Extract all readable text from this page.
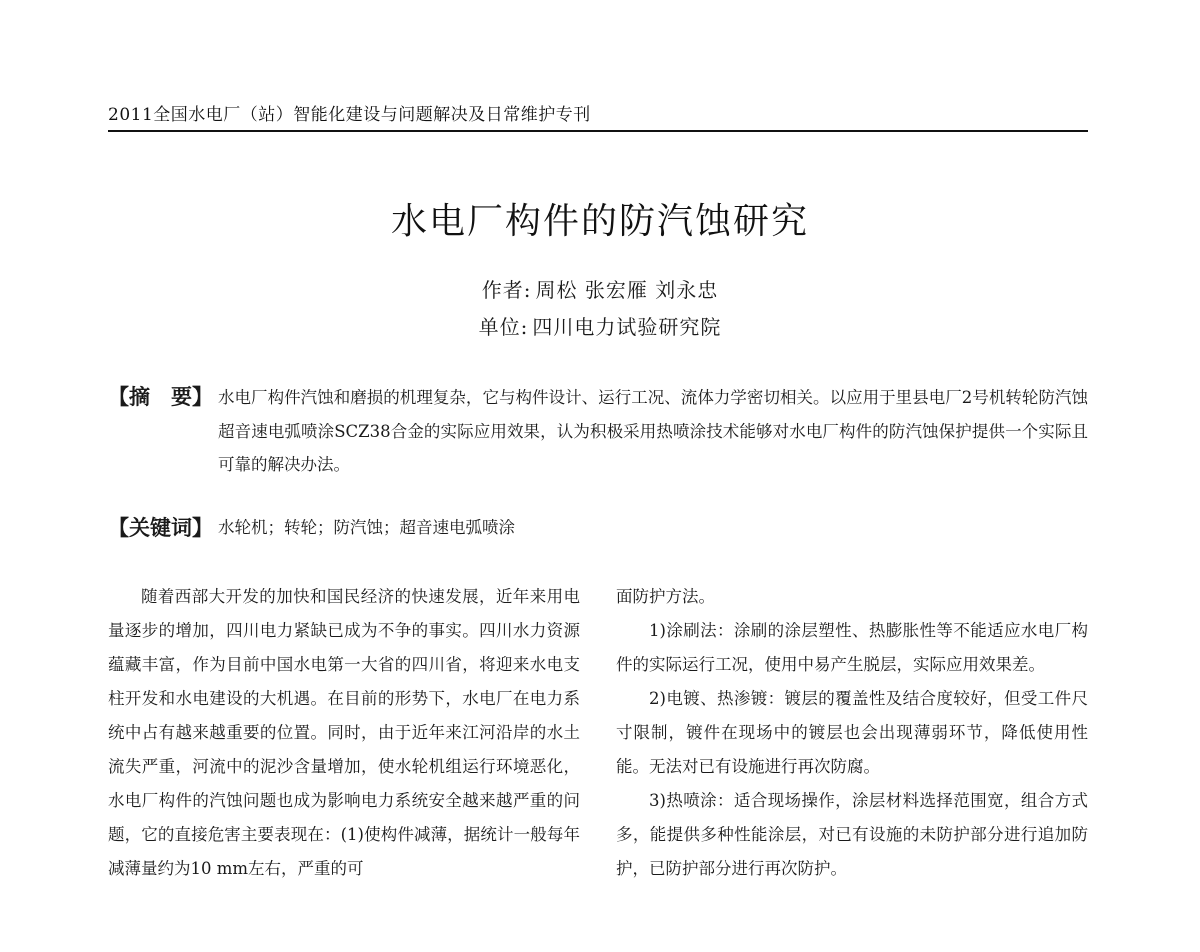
2011全国水电厂（站）智能化建设与问题解决及日常维护专刊
水电厂构件的防汽蚀研究
作者: 周松 张宏雁 刘永忠
单位: 四川电力试验研究院
【摘　要】 水电厂构件汽蚀和磨损的机理复杂，它与构件设计、运行工况、流体力学密切相关。以应用于里县电厂2号机转轮防汽蚀超音速电弧喷涂SCZ38合金的实际应用效果，认为积极采用热喷涂技术能够对水电厂构件的防汽蚀保护提供一个实际且可靠的解决办法。
【关键词】 水轮机；转轮；防汽蚀；超音速电弧喷涂

随着西部大开发的加快和国民经济的快速发展，近年来用电量逐步的增加，四川电力紧缺已成为不争的事实。四川水力资源蕴藏丰富，作为目前中国水电第一大省的四川省，将迎来水电支柱开发和水电建设的大机遇。在目前的形势下，水电厂在电力系统中占有越来越重要的位置。同时，由于近年来江河沿岸的水土流失严重，河流中的泥沙含量增加，使水轮机组运行环境恶化，水电厂构件的汽蚀问题也成为影响电力系统安全越来越严重的问题，它的直接危害主要表现在：(1)使构件减薄，据统计一般每年减薄量约为10 mm左右，严重的可

面防护方法。

1)涂刷法：涂刷的涂层塑性、热膨胀性等不能适应水电厂构件的实际运行工况，使用中易产生脱层，实际应用效果差。

2)电镀、热渗镀：镀层的覆盖性及结合度较好，但受工件尺寸限制，镀件在现场中的镀层也会出现薄弱环节，降低使用性能。无法对已有设施进行再次防腐。

3)热喷涂：适合现场操作，涂层材料选择范围宽，组合方式多，能提供多种性能涂层，对已有设施的未防护部分进行追加防护，已防护部分进行再次防护。
